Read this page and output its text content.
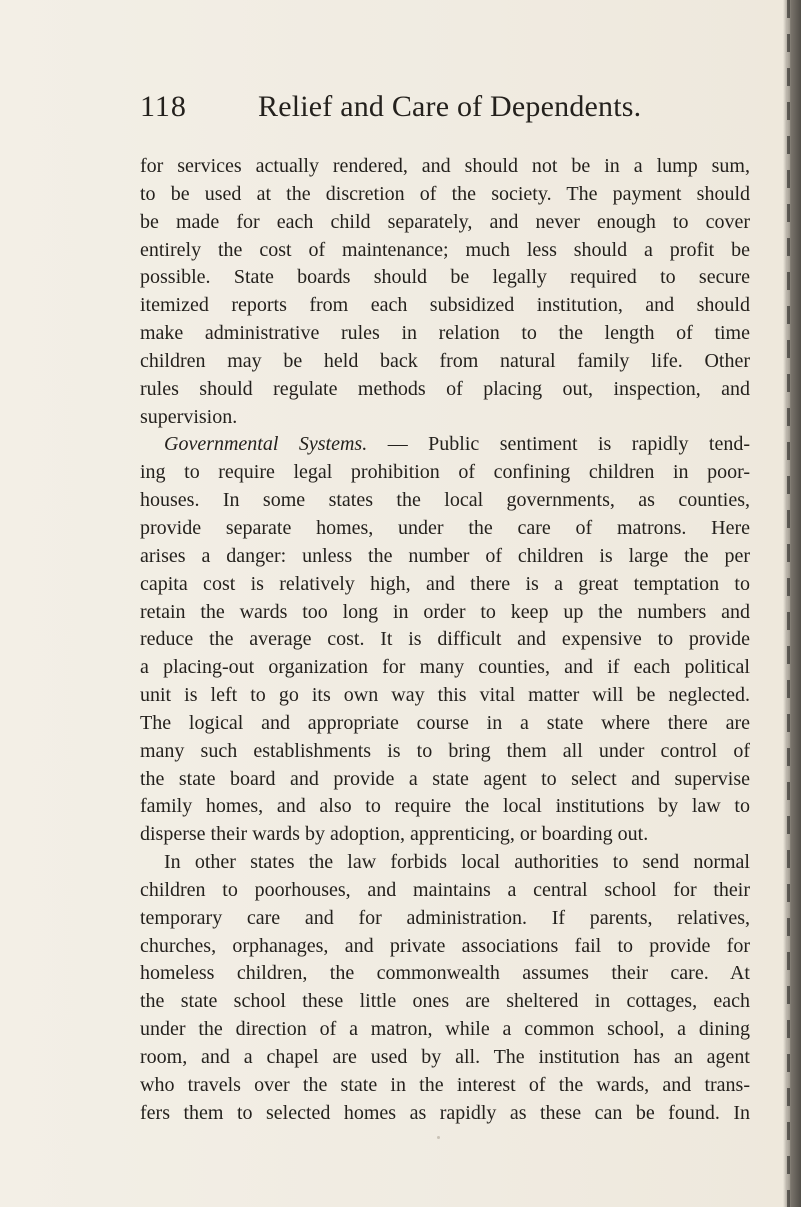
118 Relief and Care of Dependents.
for services actually rendered, and should not be in a lump sum,
to be used at the discretion of the society. The payment should
be made for each child separately, and never enough to cover
entirely the cost of maintenance; much less should a profit be
possible. State boards should be legally required to secure
itemized reports from each subsidized institution, and should
make administrative rules in relation to the length of time
children may be held back from natural family life. Other
rules should regulate methods of placing out, inspection, and
supervision.
Governmental Systems. — Public sentiment is rapidly tend-
ing to require legal prohibition of confining children in poor-
houses. In some states the local governments, as counties,
provide separate homes, under the care of matrons. Here
arises a danger: unless the number of children is large the per
capita cost is relatively high, and there is a great temptation to
retain the wards too long in order to keep up the numbers and
reduce the average cost. It is difficult and expensive to provide
a placing-out organization for many counties, and if each political
unit is left to go its own way this vital matter will be neglected.
The logical and appropriate course in a state where there are
many such establishments is to bring them all under control of
the state board and provide a state agent to select and supervise
family homes, and also to require the local institutions by law to
disperse their wards by adoption, apprenticing, or boarding out.
In other states the law forbids local authorities to send normal
children to poorhouses, and maintains a central school for their
temporary care and for administration. If parents, relatives,
churches, orphanages, and private associations fail to provide for
homeless children, the commonwealth assumes their care. At
the state school these little ones are sheltered in cottages, each
under the direction of a matron, while a common school, a dining
room, and a chapel are used by all. The institution has an agent
who travels over the state in the interest of the wards, and trans-
fers them to selected homes as rapidly as these can be found. In
